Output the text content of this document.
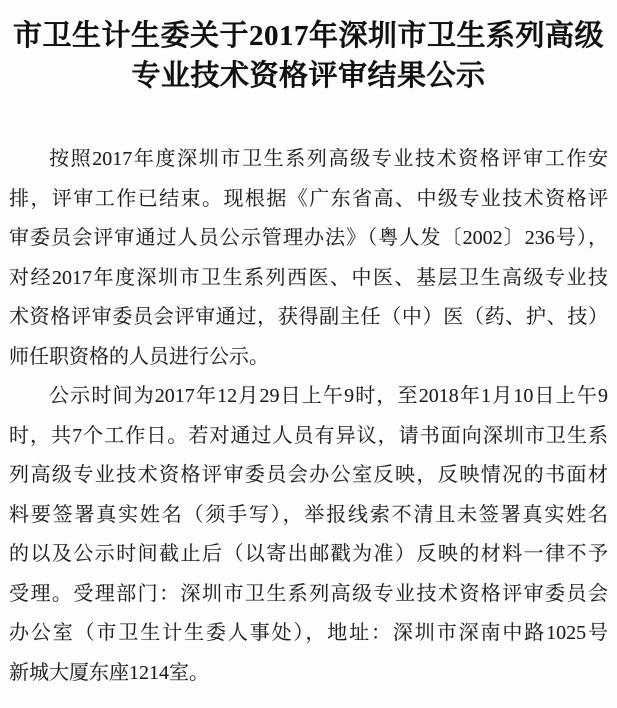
市卫生计生委关于2017年深圳市卫生系列高级
专业技术资格评审结果公示
按照2017年度深圳市卫生系列高级专业技术资格评审工作安
排，评审工作已结束。现根据《广东省高、中级专业技术资格评
审委员会评审通过人员公示管理办法》（粤人发〔2002〕236号），
对经2017年度深圳市卫生系列西医、中医、基层卫生高级专业技
术资格评审委员会评审通过，获得副主任（中）医（药、护、技）
师任职资格的人员进行公示。
公示时间为2017年12月29日上午9时，至2018年1月10日上午9
时，共7个工作日。若对通过人员有异议，请书面向深圳市卫生系
列高级专业技术资格评审委员会办公室反映，反映情况的书面材
料要签署真实姓名（须手写），举报线索不清且未签署真实姓名
的以及公示时间截止后（以寄出邮戳为准）反映的材料一律不予
受理。受理部门：深圳市卫生系列高级专业技术资格评审委员会
办公室（市卫生计生委人事处），地址：深圳市深南中路1025号
新城大厦东座1214室。
